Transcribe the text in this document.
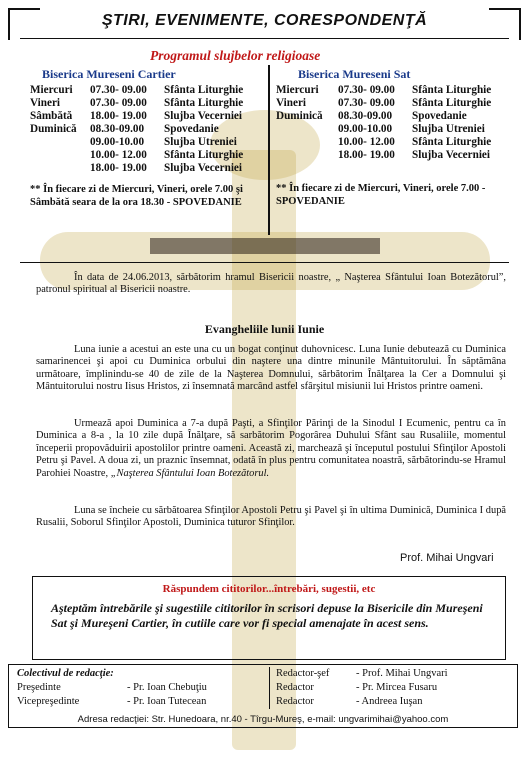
ŞTIRI, EVENIMENTE, CORESPONDENŢĂ
Programul slujbelor religioase
Biserica Mureseni Cartier
Miercuri	07.30- 09.00	Sfânta Liturghie
Vineri	07.30- 09.00	Sfânta Liturghie
Sâmbătă	18.00- 19.00	Slujba Vecerniei
Duminică	08.30-09.00	Spovedanie
09.00-10.00	Slujba Utreniei
10.00- 12.00	Sfânta Liturghie
18.00- 19.00	Slujba Vecerniei
** În fiecare zi de Miercuri, Vineri, orele 7.00 şi Sâmbătă seara de la ora 18.30 - SPOVEDANIE
Biserica Mureseni Sat
Miercuri	07.30- 09.00	Sfânta Liturghie
Vineri	07.30- 09.00	Sfânta Liturghie
Duminică	08.30-09.00	Spovedanie
09.00-10.00	Slujba Utreniei
10.00- 12.00	Sfânta Liturghie
18.00- 19.00	Slujba Vecerniei
** În fiecare zi de Miercuri, Vineri, orele 7.00 - SPOVEDANIE
În data de 24.06.2013, sărbătorim hramul Bisericii noastre, „ Naşterea Sfântului Ioan Botezătorul”, patronul spiritual al Bisericii noastre.
Evangheliile lunii Iunie
Luna iunie a acestui an este una cu un bogat conţinut duhovnicesc. Luna Iunie debutează cu Duminica samarinencei şi apoi cu Duminica orbului din naştere una dintre minunile Mântuitorului. În săptămâna următoare, împlinindu-se 40 de zile de la Naşterea Domnului, sărbătorim Înălţarea la Cer a Domnului şi Mântuitorului nostru Iisus Hristos, zi însemnată marcând astfel sfârşitul misiunii lui Hristos printre oameni.
Urmează apoi Duminica a 7-a după Paşti, a Sfinţilor Părinţi de la Sinodul I Ecumenic, pentru ca în Duminica a 8-a , la 10 zile după Înălţare, să sarbătorim Pogorârea Duhului Sfânt sau Rusaliile, momentul începerii propovăduirii apostolilor printre oameni. Această zi, marchează şi începutul postului Sfinţilor Apostoli Petru şi Pavel. A doua zi, un praznic însemnat, odată în plus pentru comunitatea noastră, sărbătorindu-se Hramul Parohiei Noastre, „Naşterea Sfântului Ioan Botezătorul.
Luna se încheie cu sărbătoarea Sfinţilor Apostoli Petru şi Pavel şi în ultima Duminică, Duminica I după Rusalii, Soborul Sfinţilor Apostoli, Duminica tuturor Sfinţilor.
Prof. Mihai Ungvari
Răspundem cititorilor...întrebări, sugestii, etc
Aşteptăm întrebările şi sugestiile cititorilor în scrisori depuse la Bisericile din Mureşeni Sat şi Mureşeni Cartier, în cutiile care vor fi special amenajate în acest sens.
Colectivul de redacţie:
Preşedinte	- Pr. Ioan Chebuţiu
Vicepreşedinte	- Pr. Ioan Tutecean
Redactor-şef	- Prof. Mihai Ungvari
Redactor	- Pr. Mircea Fusaru
Redactor	- Andreea Iuşan
Adresa redacţiei: Str. Hunedoara, nr.40 - Tîrgu-Mureş, e-mail: ungvarimihai@yahoo.com
